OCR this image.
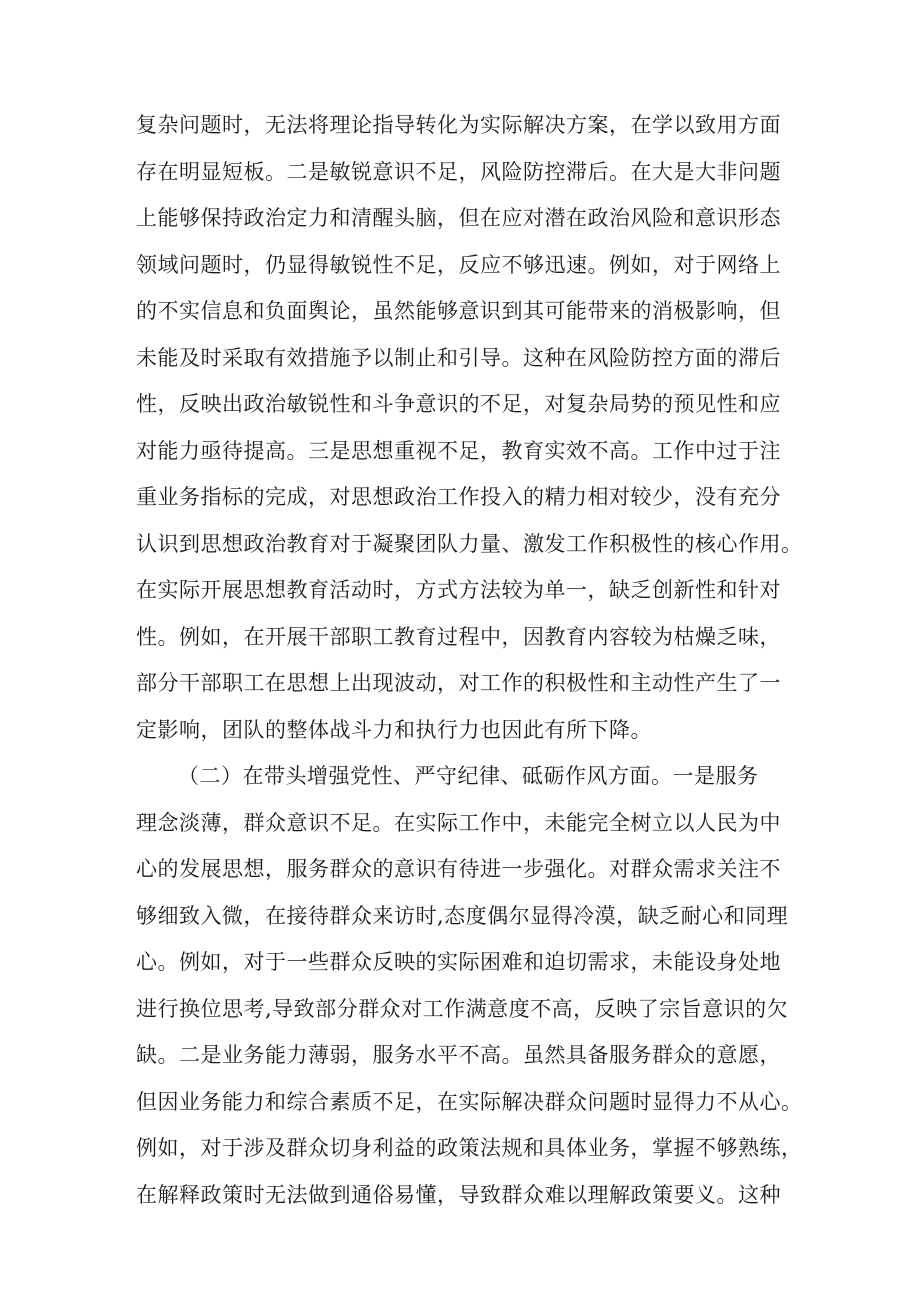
复杂问题时，无法将理论指导转化为实际解决方案，在学以致用方面
存在明显短板。二是敏锐意识不足，风险防控滞后。在大是大非问题
上能够保持政治定力和清醒头脑，但在应对潜在政治风险和意识形态
领域问题时，仍显得敏锐性不足，反应不够迅速。例如，对于网络上
的不实信息和负面舆论，虽然能够意识到其可能带来的消极影响，但
未能及时采取有效措施予以制止和引导。这种在风险防控方面的滞后
性，反映出政治敏锐性和斗争意识的不足，对复杂局势的预见性和应
对能力亟待提高。三是思想重视不足，教育实效不高。工作中过于注
重业务指标的完成，对思想政治工作投入的精力相对较少，没有充分
认识到思想政治教育对于凝聚团队力量、激发工作积极性的核心作用。
在实际开展思想教育活动时，方式方法较为单一，缺乏创新性和针对
性。例如，在开展干部职工教育过程中，因教育内容较为枯燥乏味，
部分干部职工在思想上出现波动，对工作的积极性和主动性产生了一
定影响，团队的整体战斗力和执行力也因此有所下降。
（二）在带头增强党性、严守纪律、砥砺作风方面。一是服务
理念淡薄，群众意识不足。在实际工作中，未能完全树立以人民为中
心的发展思想，服务群众的意识有待进一步强化。对群众需求关注不
够细致入微，在接待群众来访时,态度偶尔显得冷漠，缺乏耐心和同理
心。例如，对于一些群众反映的实际困难和迫切需求，未能设身处地
进行换位思考,导致部分群众对工作满意度不高，反映了宗旨意识的欠
缺。二是业务能力薄弱，服务水平不高。虽然具备服务群众的意愿，
但因业务能力和综合素质不足，在实际解决群众问题时显得力不从心。
例如，对于涉及群众切身利益的政策法规和具体业务，掌握不够熟练，
在解释政策时无法做到通俗易懂，导致群众难以理解政策要义。这种
